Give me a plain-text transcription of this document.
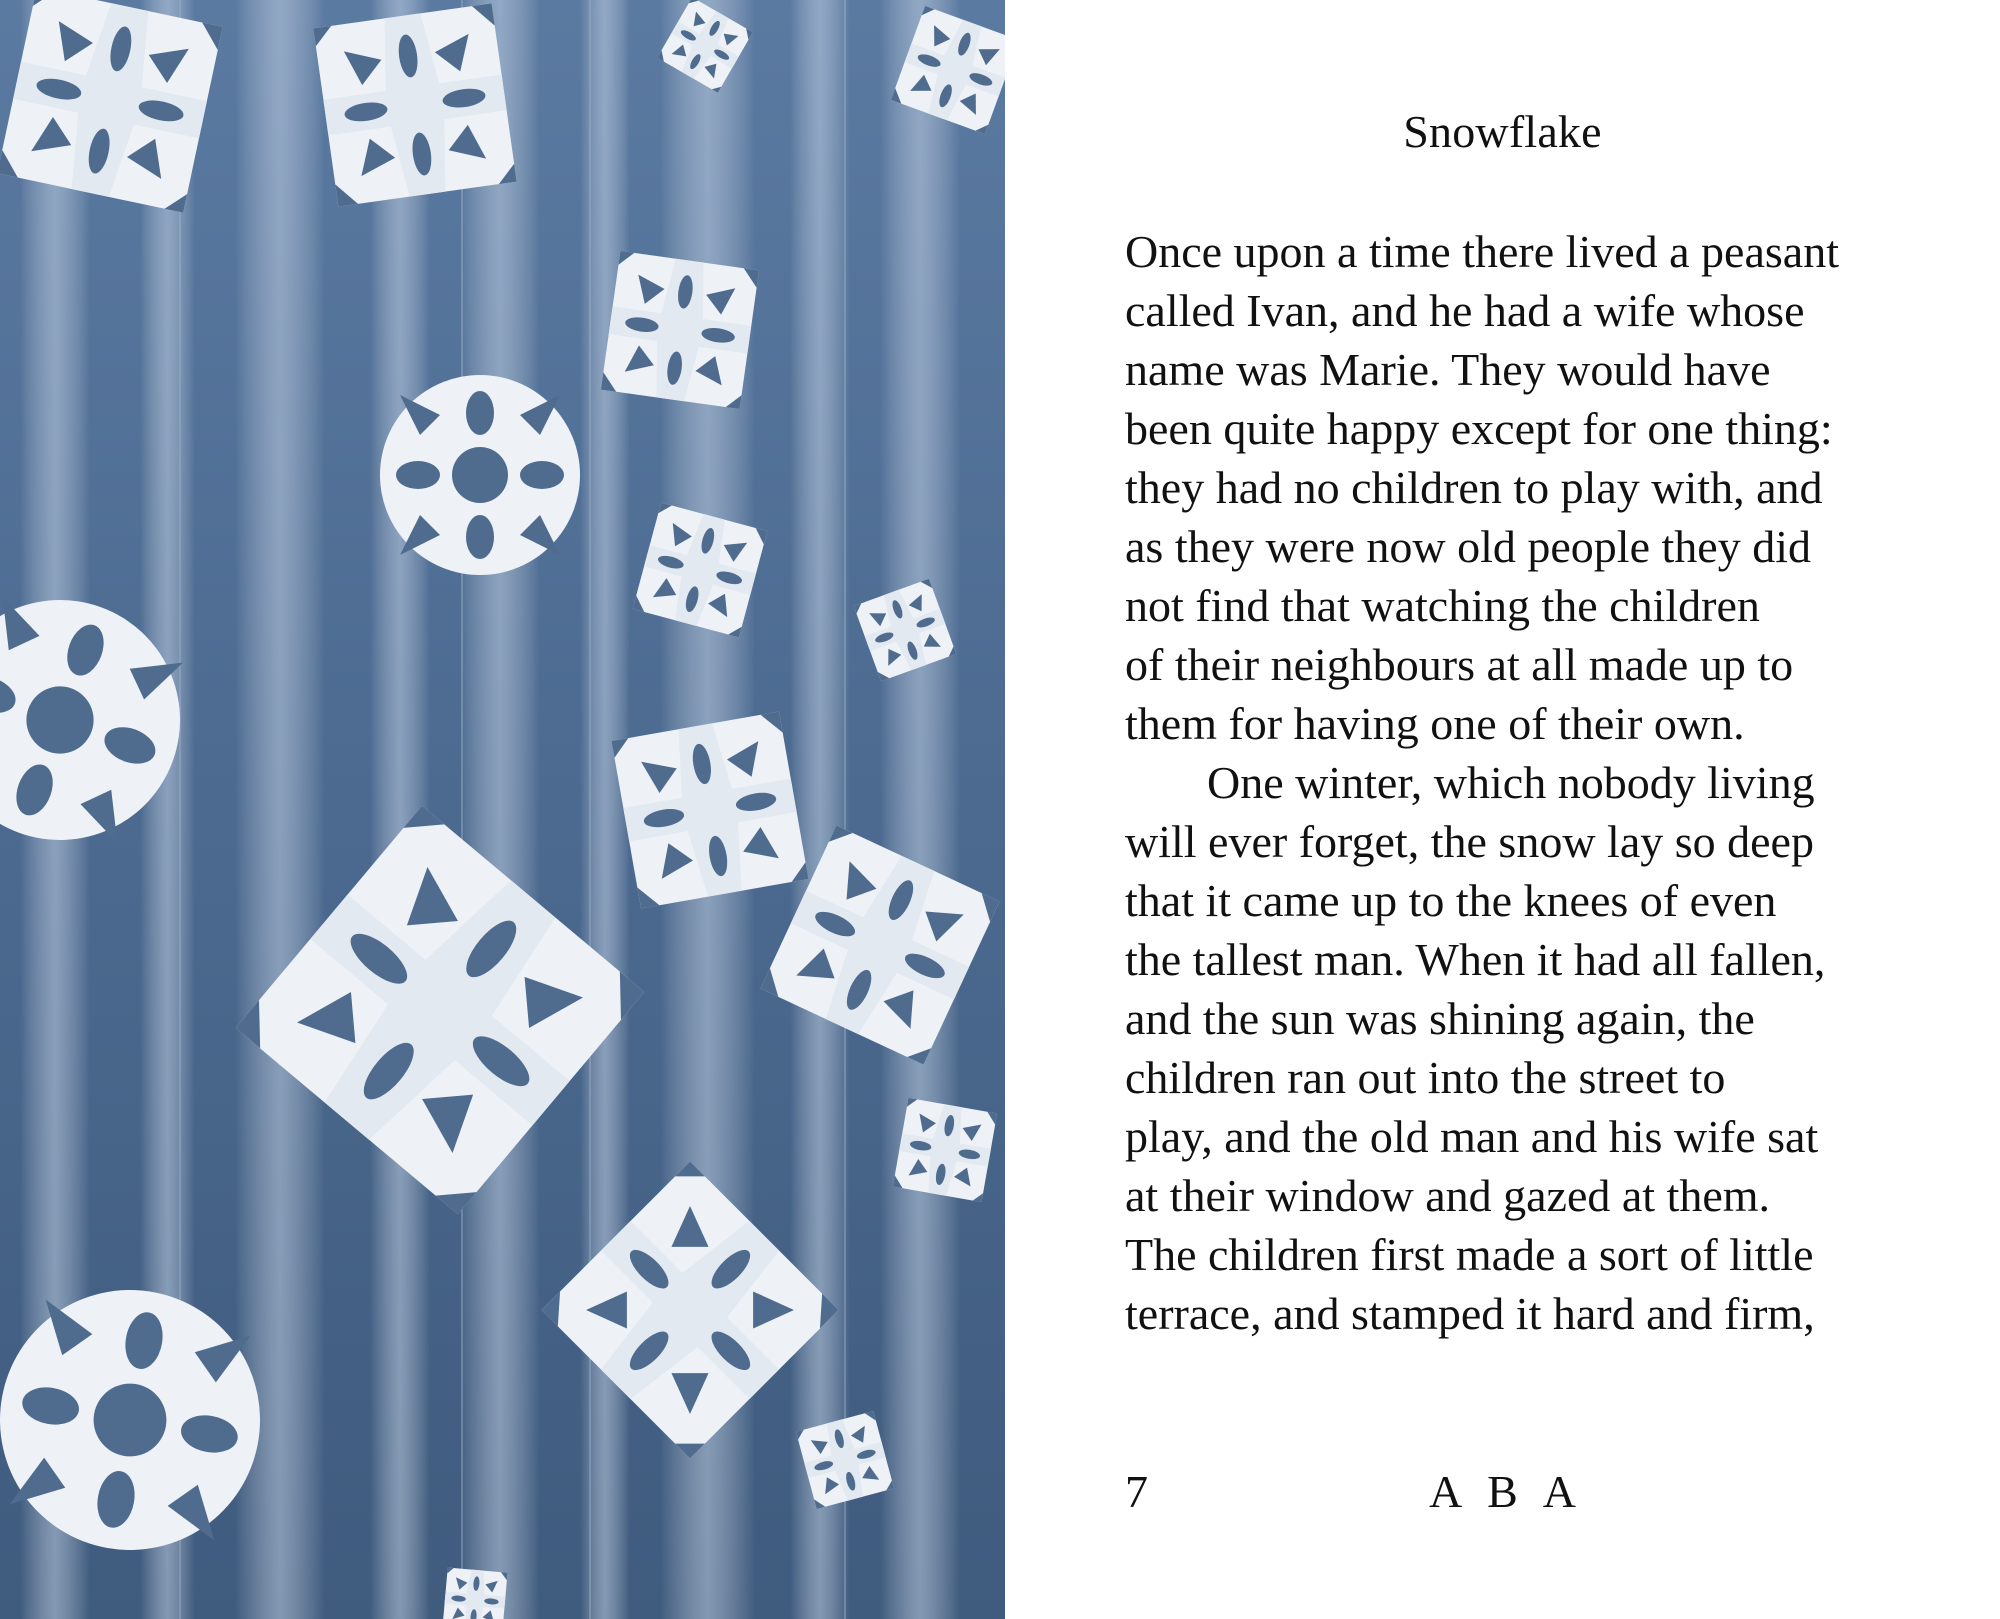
Snowflake

Once upon a time there lived a peasant
called Ivan, and he had a wife whose
name was Marie. They would have
been quite happy except for one thing:
they had no children to play with, and
as they were now old people they did
not find that watching the children
of their neighbours at all made up to
them for having one of their own.

One winter, which nobody living
will ever forget, the snow lay so deep
that it came up to the knees of even
the tallest man. When it had all fallen,
and the sun was shining again, the
children ran out into the street to
play, and the old man and his wife sat
at their window and gazed at them.
The children first made a sort of little
terrace, and stamped it hard and firm,

7	A B A
